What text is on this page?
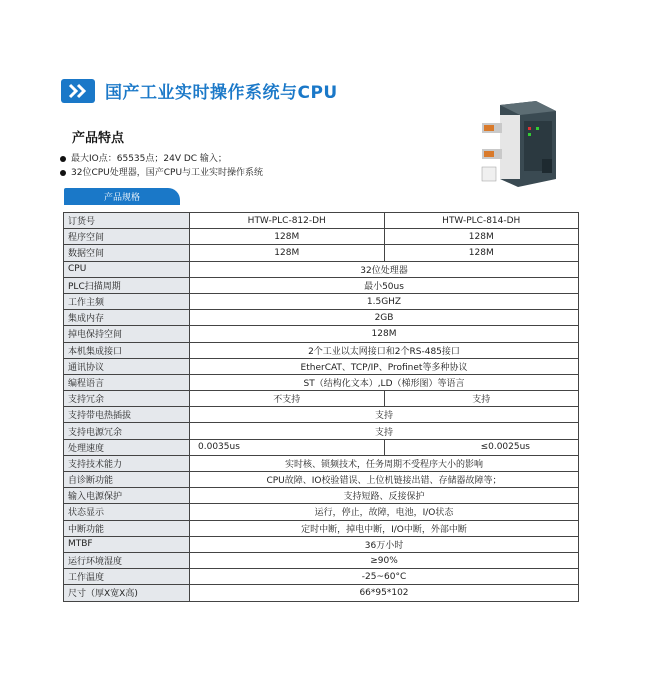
国产工业实时操作系统与CPU
产品特点
最大IO点：65535点；24V DC 输入；
32位CPU处理器，国产CPU与工业实时操作系统
产品规格
订货号	HTW-PLC-812-DH	HTW-PLC-814-DH
程序空间	128M	128M
数据空间	128M	128M
CPU	32位处理器	
PLC扫描周期	最小50us	
工作主频	1.5GHZ	
集成内存	2GB	
掉电保持空间	128M	
本机集成接口	2个工业以太网接口和2个RS-485接口	
通讯协议	EtherCAT、TCP/IP、Profinet等多种协议	
编程语言	ST（结构化文本）,LD（梯形图）等语言	
支持冗余	不支持	支持
支持带电热插拔	支持	
支持电源冗余	支持	
处理速度	0.0035us	≤0.0025us
支持技术能力	实时核、锁频技术，任务周期不受程序大小的影响	
自诊断功能	CPU故障、IO校验错误、上位机链接出错、存储器故障等；	
输入电源保护	支持短路、反接保护	
状态显示	运行，停止，故障，电池，I/O状态	
中断功能	定时中断，掉电中断，I/O中断，外部中断	
MTBF	36万小时	
运行环境湿度	≥90%	
工作温度	-25~60°C	
尺寸（厚X宽X高)	66*95*102	
